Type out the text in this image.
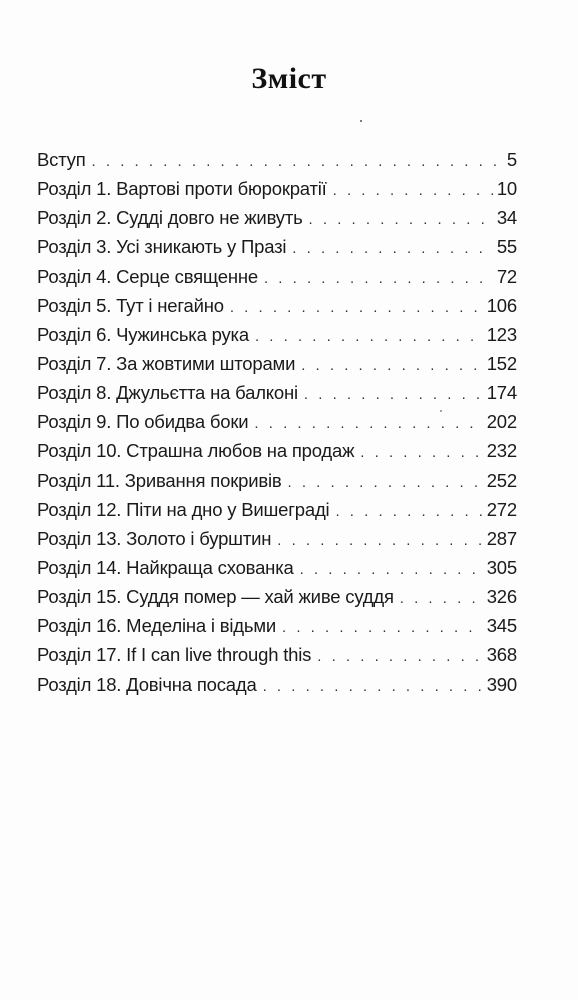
Зміст
Вступ . . .	5
Розділ 1. Вартові проти бюрократії . . .	10
Розділ 2. Судді довго не живуть . . .	34
Розділ 3. Усі зникають у Празі . . .	55
Розділ 4. Серце священне . . .	72
Розділ 5. Тут і негайно . . .	106
Розділ 6. Чужинська рука . . .	123
Розділ 7. За жовтими шторами . . .	152
Розділ 8. Джульєтта на балконі . . .	174
Розділ 9. По обидва боки . . .	202
Розділ 10. Страшна любов на продаж . . .	232
Розділ 11. Зривання покривів . . .	252
Розділ 12. Піти на дно у Вишеграді . . .	272
Розділ 13. Золото і бурштин . . .	287
Розділ 14. Найкраща схованка . . .	305
Розділ 15. Суддя помер — хай живе суддя . . .	326
Розділ 16. Меделіна і відьми . . .	345
Розділ 17. If I can live through this . . .	368
Розділ 18. Довічна посада . . .	390
